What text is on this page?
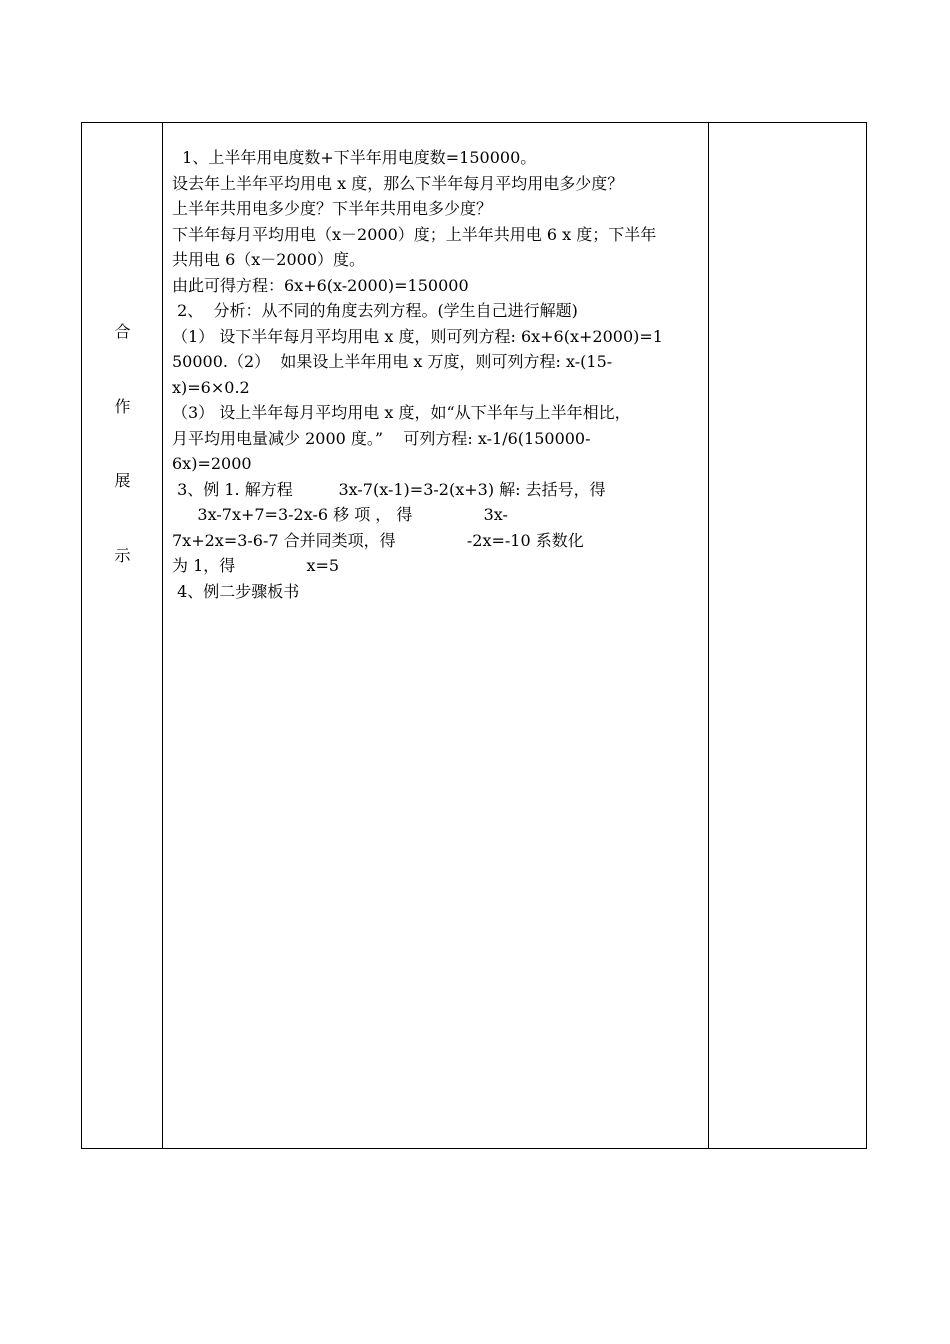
合
作
展
示
1、上半年用电度数+下半年用电度数=150000。
设去年上半年平均用电 x 度，那么下半年每月平均用电多少度？
上半年共用电多少度？下半年共用电多少度？
下半年每月平均用电（x－2000）度；上半年共用电 6 x 度；下半年
共用电 6（x－2000）度。
由此可得方程：6x+6(x-2000)=150000
2、  分析：从不同的角度去列方程。(学生自己进行解题)
（1） 设下半年每月平均用电 x 度，则可列方程: 6x+6(x+2000)=1
50000.（2）  如果设上半年用电 x 万度，则可列方程: x-(15-
x)=6×0.2
（3） 设上半年每月平均用电 x 度，如“从下半年与上半年相比，
月平均用电量减少 2000 度。”    可列方程: x-1/6(150000-
6x)=2000
3、例 1. 解方程         3x-7(x-1)=3-2(x+3) 解: 去括号，得
3x-7x+7=3-2x-6 移 项 ， 得              3x-
7x+2x=3-6-7 合并同类项，得              -2x=-10 系数化
为 1，得              x=5
4、例二步骤板书
